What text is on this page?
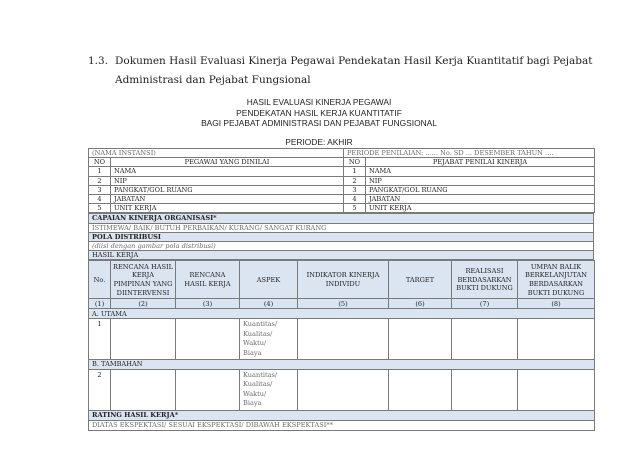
1.3. Dokumen Hasil Evaluasi Kinerja Pegawai Pendekatan Hasil Kerja Kuantitatif bagi Pejabat Administrasi dan Pejabat Fungsional
HASIL EVALUASI KINERJA PEGAWAI
PENDEKATAN HASIL KERJA KUANTITATIF
BAGI PEJABAT ADMINISTRASI DAN PEJABAT FUNGSIONAL
PERIODE: AKHIR
(NAMA INSTANSI)		PERIODE PENILAIAN: ...... No. SD ... DESEMBER TAHUN ....	
NO	PEGAWAI YANG DINILAI	NO	PEJABAT PENILAI KINERJA
1	NAMA	1	NAMA
2	NIP	2	NIP
3	PANGKAT/GOL RUANG	3	PANGKAT/GOL RUANG
4	JABATAN	4	JABATAN
5	UNIT KERJA	5	UNIT KERJA
CAPAIAN KINERJA ORGANISASI*
ISTIMEWA/ BAIK/ BUTUH PERBAIKAN/ KURANG/ SANGAT KURANG
POLA DISTRIBUSI
(diisi dengan gambar pola distribusi)
HASIL KERJA
No.	RENCANA HASIL KERJA PIMPINAN YANG DIINTERVENSI	RENCANA HASIL KERJA	ASPEK	INDIKATOR KINERJA INDIVIDU	TARGET	REALISASI BERDASARKAN BUKTI DUKUNG	UMPAN BALIK BERKELANJUTAN BERDASARKAN BUKTI DUKUNG
(1)	(2)	(3)	(4)	(5)	(6)	(7)	(8)
A. UTAMA							
1			Kuantitas/
Kualitas/
Waktu/
Biaya				

B. TAMBAHAN							
2			Kuantitas/
Kualitas/
Waktu/
Biaya				

RATING HASIL KERJA*							
DIATAS EKSPEKTASI/ SESUAI EKSPEKTASI/ DIBAWAH EKSPEKTASI**							
